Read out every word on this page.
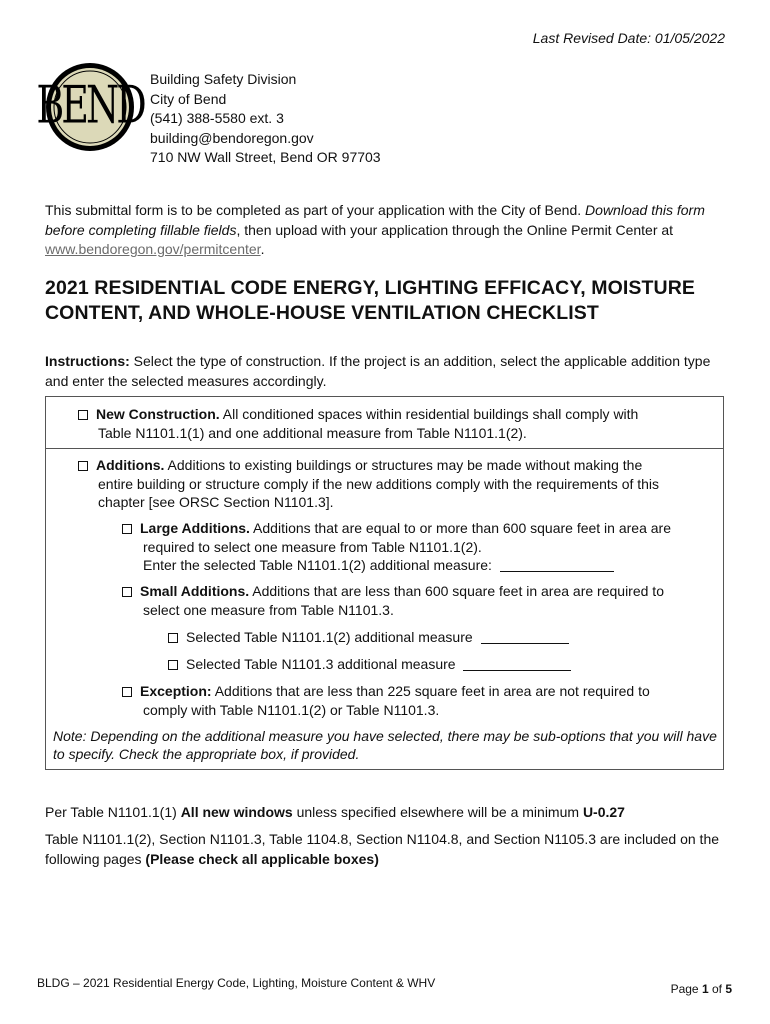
Last Revised Date: 01/05/2022
BEND Building Safety Division
City of Bend
(541) 388-5580 ext. 3
building@bendoregon.gov
710 NW Wall Street, Bend OR 97703
This submittal form is to be completed as part of your application with the City of Bend. Download this form before completing fillable fields, then upload with your application through the Online Permit Center at www.bendoregon.gov/permitcenter.
2021 RESIDENTIAL CODE ENERGY, LIGHTING EFFICACY, MOISTURE
CONTENT, AND WHOLE-HOUSE VENTILATION CHECKLIST
Instructions: Select the type of construction. If the project is an addition, select the applicable addition type and enter the selected measures accordingly.
New Construction. All conditioned spaces within residential buildings shall comply with
Table N1101.1(1) and one additional measure from Table N1101.1(2).
Additions. Additions to existing buildings or structures may be made without making the
entire building or structure comply if the new additions comply with the requirements of this
chapter [see ORSC Section N1101.3].
Large Additions. Additions that are equal to or more than 600 square feet in area are
required to select one measure from Table N1101.1(2).
Enter the selected Table N1101.1(2) additional measure:
Small Additions. Additions that are less than 600 square feet in area are required to
select one measure from Table N1101.3.
Selected Table N1101.1(2) additional measure
Selected Table N1101.3 additional measure
Exception: Additions that are less than 225 square feet in area are not required to
comply with Table N1101.1(2) or Table N1101.3.
Note: Depending on the additional measure you have selected, there may be sub-options that you will have to specify. Check the appropriate box, if provided.
Per Table N1101.1(1) All new windows unless specified elsewhere will be a minimum U-0.27
Table N1101.1(2), Section N1101.3, Table 1104.8, Section N1104.8, and Section N1105.3 are included on the following pages (Please check all applicable boxes)
BLDG – 2021 Residential Energy Code, Lighting, Moisture Content & WHV	Page 1 of 5
